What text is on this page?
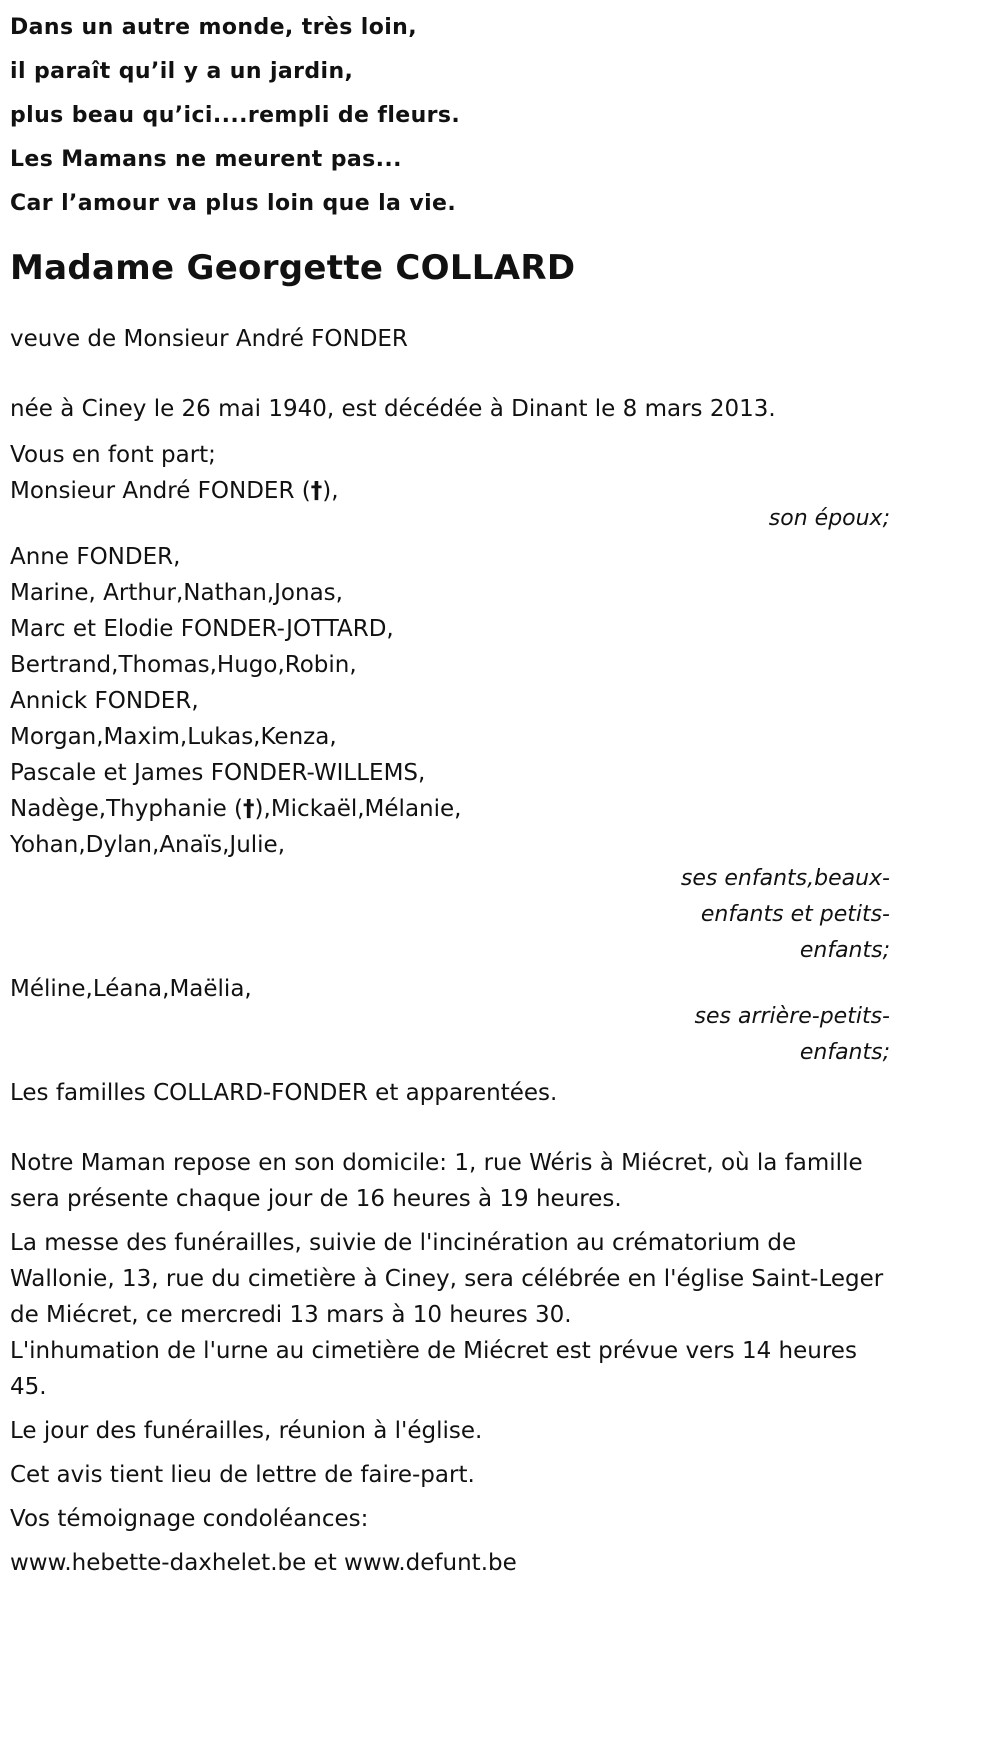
Dans un autre monde, très loin,
il paraît qu’il y a un jardin,
plus beau qu’ici....rempli de fleurs.
Les Mamans ne meurent pas...
Car l’amour va plus loin que la vie.
Madame Georgette COLLARD
veuve de Monsieur André FONDER
née à Ciney le 26 mai 1940, est décédée à Dinant le 8 mars 2013.
Vous en font part;
Monsieur André FONDER (†),
son époux;
Anne FONDER,
Marine, Arthur,Nathan,Jonas,
Marc et Elodie FONDER-JOTTARD,
Bertrand,Thomas,Hugo,Robin,
Annick FONDER,
Morgan,Maxim,Lukas,Kenza,
Pascale et James FONDER-WILLEMS,
Nadège,Thyphanie (†),Mickaël,Mélanie,
Yohan,Dylan,Anaïs,Julie,
ses enfants,beaux-enfants et petits-enfants;
Méline,Léana,Maëlia,
ses arrière-petits-enfants;
Les familles COLLARD-FONDER et apparentées.
Notre Maman repose en son domicile: 1, rue Wéris à Miécret, où la famille sera présente chaque jour de 16 heures à 19 heures.
La messe des funérailles, suivie de l'incinération au crématorium de Wallonie, 13, rue du cimetière à Ciney, sera célébrée en l'église Saint-Leger de Miécret, ce mercredi 13 mars à 10 heures 30.
L'inhumation de l'urne au cimetière de Miécret est prévue vers 14 heures 45.
Le jour des funérailles, réunion à l'église.
Cet avis tient lieu de lettre de faire-part.
Vos témoignage condoléances:
www.hebette-daxhelet.be et www.defunt.be
